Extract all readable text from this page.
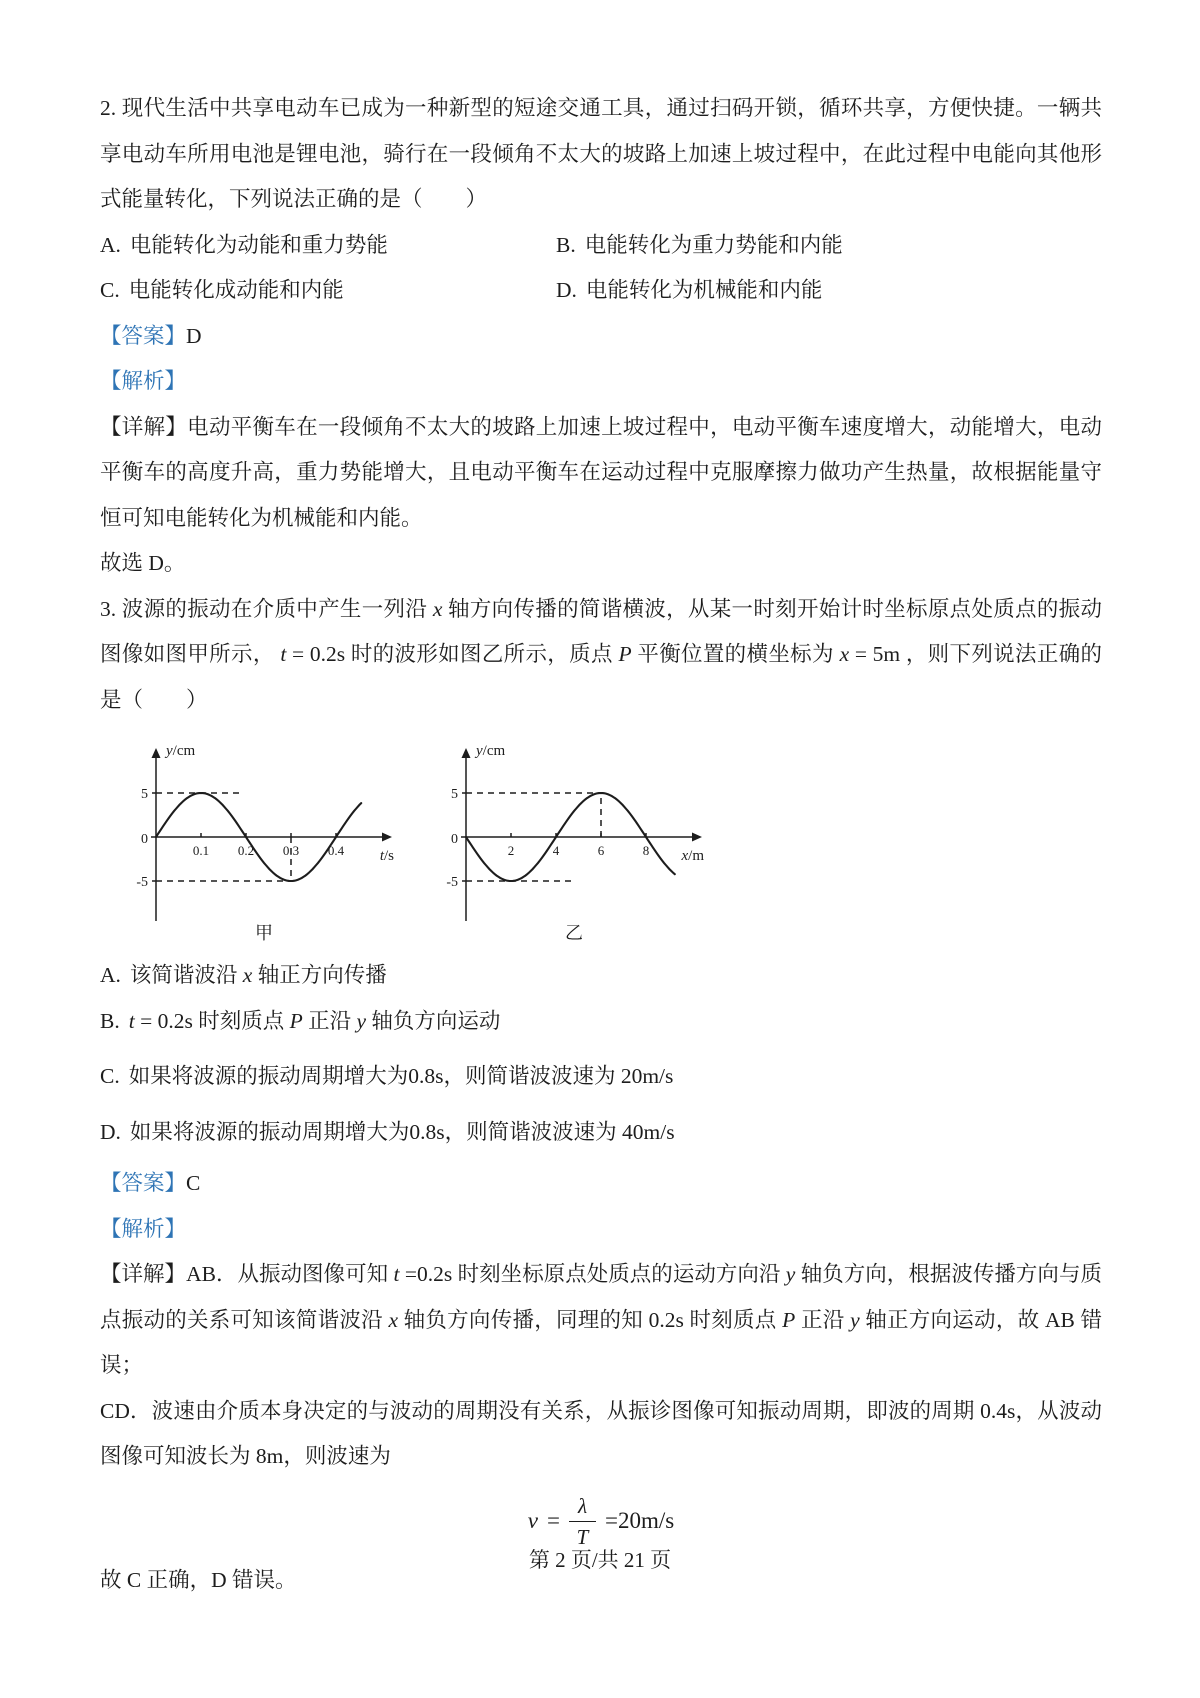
2. 现代生活中共享电动车已成为一种新型的短途交通工具，通过扫码开锁，循环共享，方便快捷。一辆共享电动车所用电池是锂电池，骑行在一段倾角不太大的坡路上加速上坡过程中，在此过程中电能向其他形式能量转化，下列说法正确的是（　　）

A. 电能转化为动能和重力势能	B. 电能转化为重力势能和内能
C. 电能转化成动能和内能	D. 电能转化为机械能和内能

【答案】D

【解析】

【详解】电动平衡车在一段倾角不太大的坡路上加速上坡过程中，电动平衡车速度增大，动能增大，电动平衡车的高度升高，重力势能增大，且电动平衡车在运动过程中克服摩擦力做功产生热量，故根据能量守恒可知电能转化为机械能和内能。

故选 D。

3. 波源的振动在介质中产生一列沿 x 轴方向传播的简谐横波，从某一时刻开始计时坐标原点处质点的振动图像如图甲所示， t = 0.2s 时的波形如图乙所示，质点 P 平衡位置的横坐标为 x = 5m ，则下列说法正确的是（　　）

y/cm
t/s
5
0
-5
0.1 0.2 0.3 0.4
甲
y/cm
x/m
5
0
-5
2	4	6	8
乙

A. 该简谐波沿 x 轴正方向传播

B. t = 0.2s 时刻质点 P 正沿 y 轴负方向运动

C. 如果将波源的振动周期增大为0.8s，则简谐波波速为 20m/s

D. 如果将波源的振动周期增大为0.8s，则简谐波波速为 40m/s

【答案】C

【解析】

【详解】AB．从振动图像可知 t =0.2s 时刻坐标原点处质点的运动方向沿 y 轴负方向，根据波传播方向与质点振动的关系可知该简谐波沿 x 轴负方向传播，同理的知 0.2s 时刻质点 P 正沿 y 轴正方向运动，故 AB 错误；

CD．波速由介质本身决定的与波动的周期没有关系，从振诊图像可知振动周期，即波的周期 0.4s，从波动图像可知波长为 8m，则波速为

$v = \frac{\lambda}{T} =20m/s$

故 C 正确，D 错误。

第 2 页/共 21 页
